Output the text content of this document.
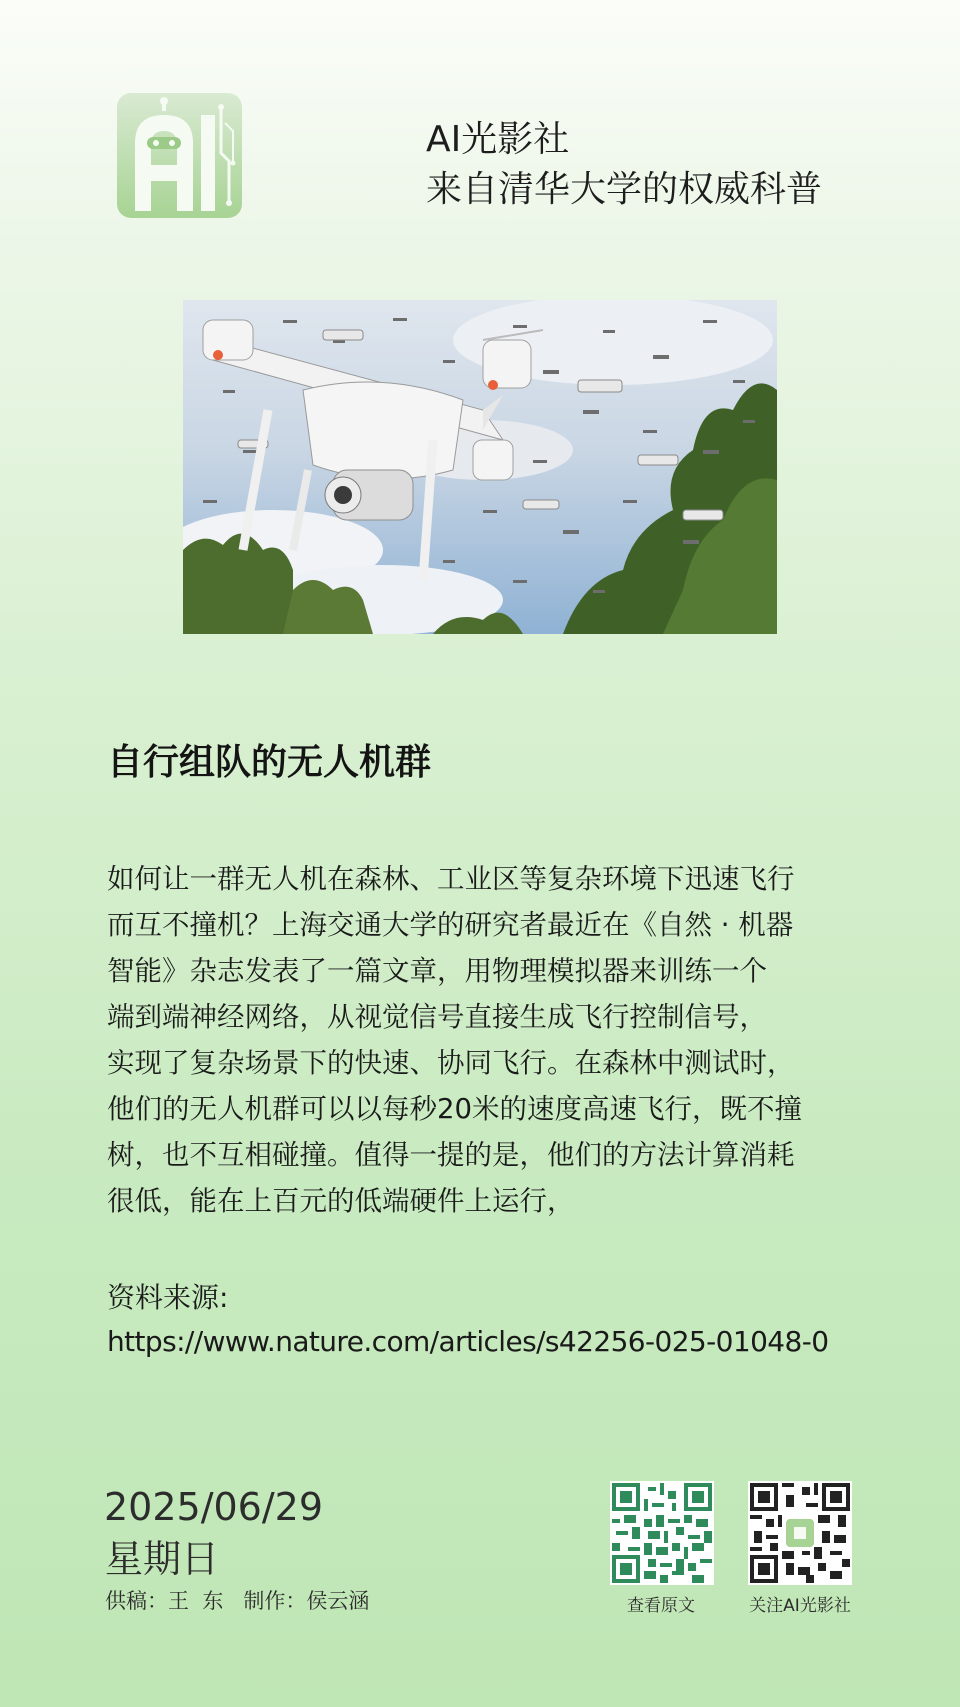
AI光影社
来自清华大学的权威科普
自行组队的无人机群
如何让一群无人机在森林、工业区等复杂环境下迅速飞行
而互不撞机？上海交通大学的研究者最近在《自然 · 机器
智能》杂志发表了一篇文章，用物理模拟器来训练一个
端到端神经网络，从视觉信号直接生成飞行控制信号，
实现了复杂场景下的快速、协同飞行。在森林中测试时，
他们的无人机群可以以每秒20米的速度高速飞行，既不撞
树，也不互相碰撞。值得一提的是，他们的方法计算消耗
很低，能在上百元的低端硬件上运行，
资料来源:
https://www.nature.com/articles/s42256-025-01048-0
2025/06/29
星期日
供稿：王  东   制作：侯云涵	查看原文	关注AI光影社
